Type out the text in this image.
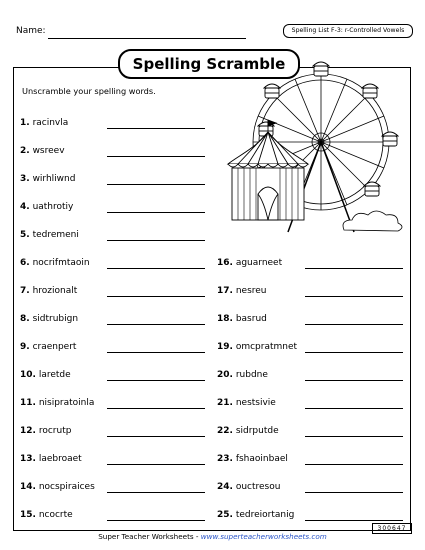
Name:	Spelling List F-3: r-Controlled Vowels
Spelling Scramble
Unscramble your spelling words.
1. racinvla
2. wsreev
3. wirhliwnd
4. uathrotiy
5. tedremeni
6. nocrifmtaoin
7. hrozionalt
8. sidtrubign
9. craenpert
10. laretde
11. nisipratoinla
12. rocrutp
13. laebroaet
14. nocspiraices
15. ncocrte
16. aguarneet
17. nesreu
18. basrud
19. omcpratmnet
20. rubdne
21. nestsivie
22. sidrputde
23. fshaoinbael
24. ouctresou
25. tedreiortanig
Super Teacher Worksheets - www.superteacherworksheets.com
300647
